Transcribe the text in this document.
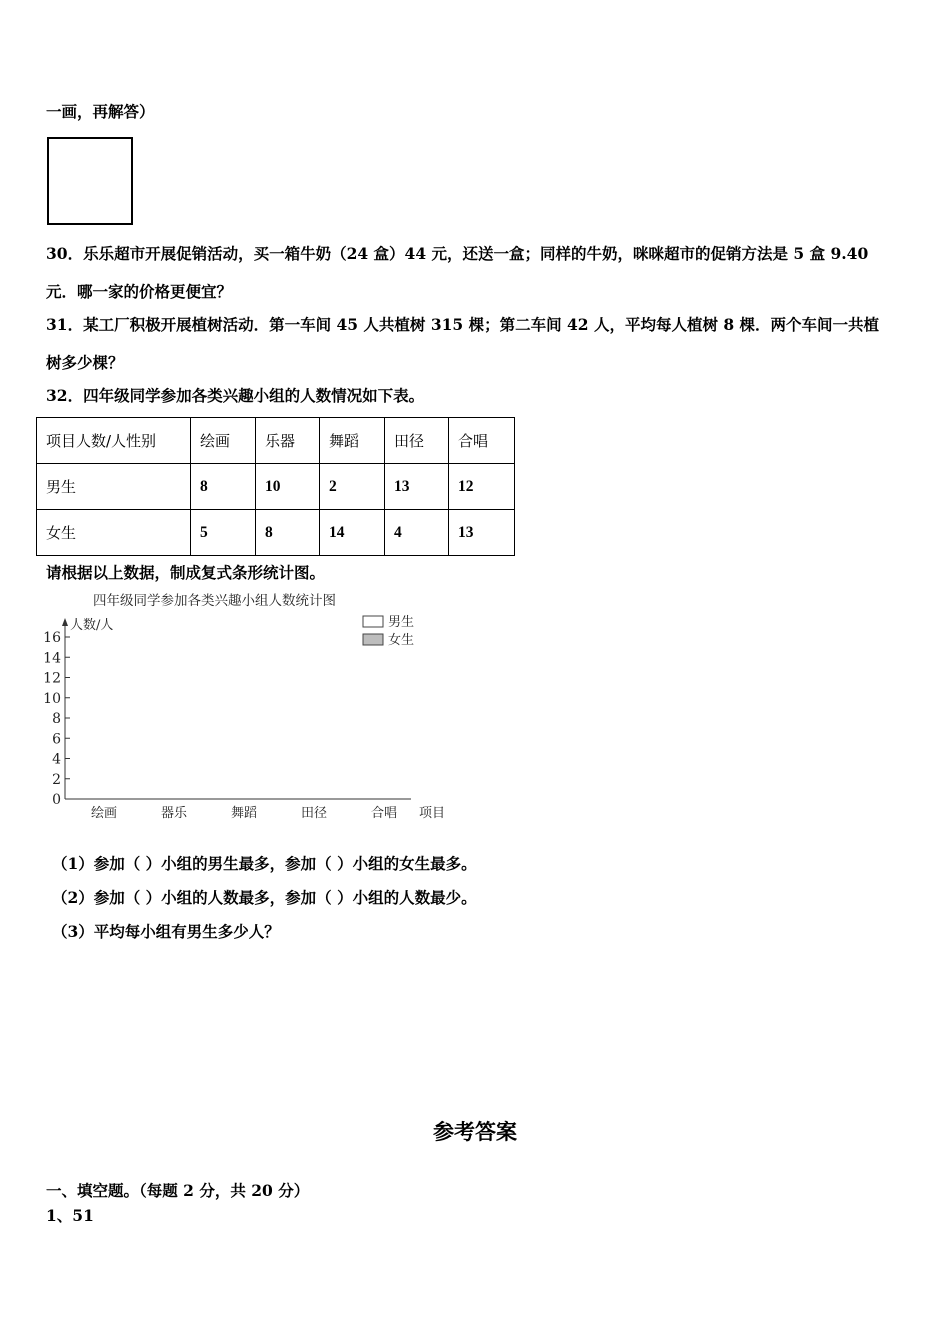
一画，再解答）
30．乐乐超市开展促销活动，买一箱牛奶（24 盒）44 元，还送一盒；同样的牛奶，咪咪超市的促销方法是 5 盒 9.40
元．哪一家的价格更便宜？
31．某工厂积极开展植树活动．第一车间 45 人共植树 315 棵；第二车间 42 人，平均每人植树 8 棵．两个车间一共植
树多少棵？
32．四年级同学参加各类兴趣小组的人数情况如下表。
项目人数/人性别	绘画	乐器	舞蹈	田径	合唱
男生	8	10	2	13	12
女生	5	8	14	4	13
请根据以上数据，制成复式条形统计图。
四年级同学参加各类兴趣小组人数统计图
人数/人
项目
0
2
4
6
8
10
12
14
16
绘画	器乐	舞蹈	田径	合唱
男生
女生
（1）参加（ ）小组的男生最多，参加（ ）小组的女生最多。
（2）参加（ ）小组的人数最多，参加（ ）小组的人数最少。
（3）平均每小组有男生多少人？
参考答案
一、填空题。（每题 2 分，共 20 分）
1、51
